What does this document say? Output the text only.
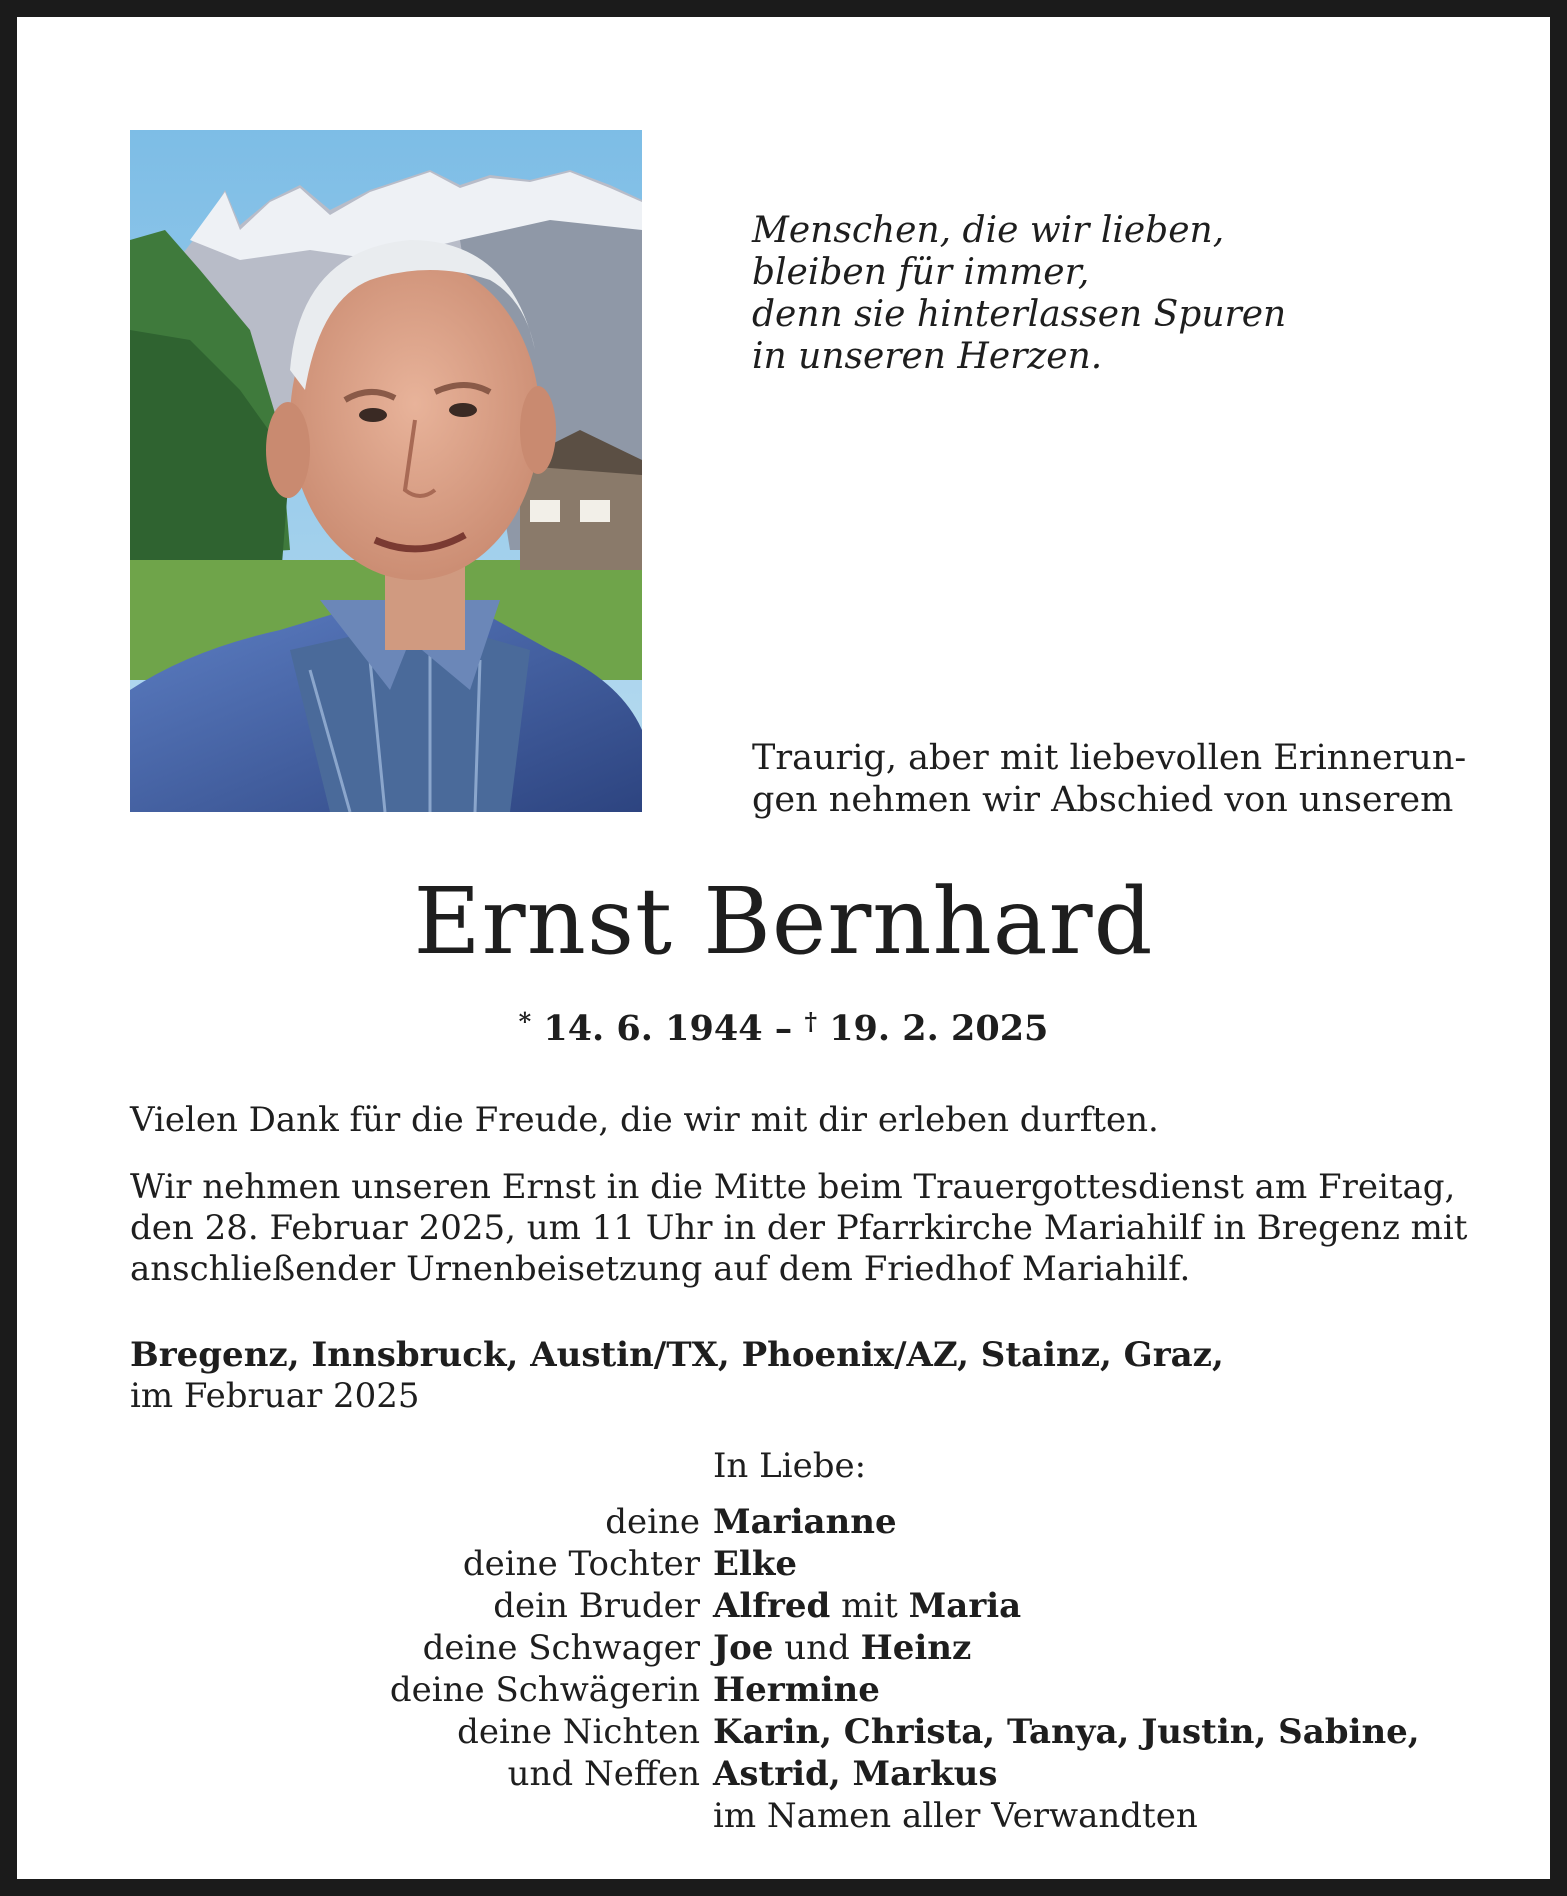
Menschen, die wir lieben,
bleiben für immer,
denn sie hinterlassen Spuren
in unseren Herzen.
Traurig, aber mit liebevollen Erinnerun-
gen nehmen wir Abschied von unserem
Ernst Bernhard
* 14. 6. 1944 – † 19. 2. 2025
Vielen Dank für die Freude, die wir mit dir erleben durften.
Wir nehmen unseren Ernst in die Mitte beim Trauergottesdienst am Freitag,
den 28. Februar 2025, um 11 Uhr in der Pfarrkirche Mariahilf in Bregenz mit
anschließender Urnenbeisetzung auf dem Friedhof Mariahilf.
Bregenz, Innsbruck, Austin/TX, Phoenix/AZ, Stainz, Graz,
im Februar 2025
In Liebe:
deine Marianne
deine Tochter Elke
dein Bruder Alfred mit Maria
deine Schwager Joe und Heinz
deine Schwägerin Hermine
deine Nichten Karin, Christa, Tanya, Justin, Sabine,
und Neffen Astrid, Markus
im Namen aller Verwandten
